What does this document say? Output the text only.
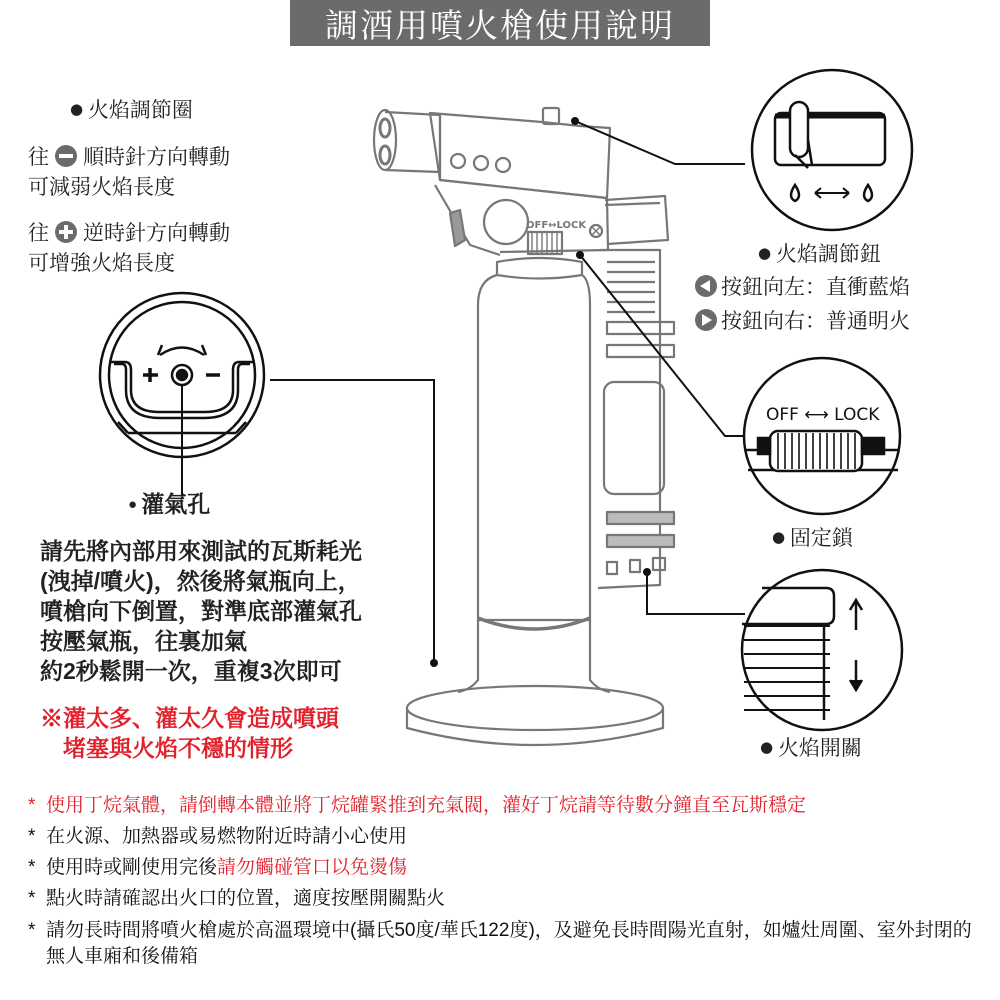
調酒用噴火槍使用說明
OFF↔LOCK
OFF ⟷ LOCK
● 火焰調節圈
往 順時針方向轉動
可減弱火焰長度
往 逆時針方向轉動
可增強火焰長度	● 火焰調節鈕
按鈕向左：直衝藍焰
按鈕向右：普通明火
● 固定鎖
● 火焰開關
● 灌氣孔
請先將內部用來測試的瓦斯耗光
(洩掉/噴火)，然後將氣瓶向上，
噴槍向下倒置，對準底部灌氣孔
按壓氣瓶，往裏加氣
約2秒鬆開一次，重複3次即可
※灌太多、灌太久會造成噴頭
　堵塞與火焰不穩的情形
* 使用丁烷氣體，請倒轉本體並將丁烷罐緊推到充氣閥，灌好丁烷請等待數分鐘直至瓦斯穩定
* 在火源、加熱器或易燃物附近時請小心使用
* 使用時或剛使用完後請勿觸碰管口以免燙傷
* 點火時請確認出火口的位置，適度按壓開關點火
* 請勿長時間將噴火槍處於高溫環境中(攝氏50度/華氏122度)，及避免長時間陽光直射，如爐灶周圍、室外封閉的無人車廂和後備箱
